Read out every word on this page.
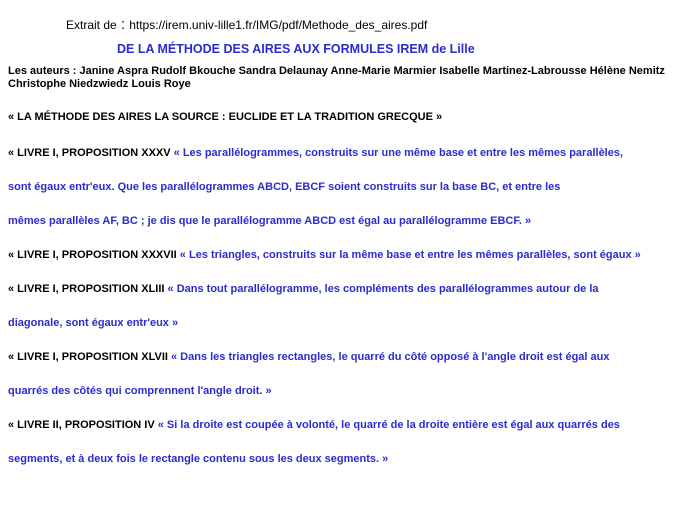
Extrait de : https://irem.univ-lille1.fr/IMG/pdf/Methode_des_aires.pdf
DE LA MÉTHODE DES AIRES AUX FORMULES IREM de Lille
Les auteurs : Janine Aspra Rudolf Bkouche Sandra Delaunay Anne-Marie Marmier Isabelle Martinez-Labrousse Hélène Nemitz Christophe Niedzwiedz Louis Roye
« LA MÉTHODE DES AIRES LA SOURCE : EUCLIDE ET LA TRADITION GRECQUE »
« LIVRE I, PROPOSITION XXXV « Les parallélogrammes, construits sur une même base et entre les mêmes parallèles,
sont égaux entr'eux. Que les parallélogrammes ABCD, EBCF soient construits sur la base BC, et entre les
mêmes parallèles AF, BC ; je dis que le parallélogramme ABCD est égal au parallélogramme EBCF. »
« LIVRE I, PROPOSITION XXXVII « Les triangles, construits sur la même base et entre les mêmes parallèles, sont égaux »
« LIVRE I, PROPOSITION XLIII « Dans tout parallélogramme, les compléments des parallélogrammes autour de la
diagonale, sont égaux entr'eux »
« LIVRE I, PROPOSITION XLVII « Dans les triangles rectangles, le quarré du côté opposé à l'angle droit est égal aux
quarrés des côtés qui comprennent l'angle droit. »
« LIVRE II, PROPOSITION IV « Si la droite est coupée à volonté, le quarré de la droite entière est égal aux quarrés des
segments, et à deux fois le rectangle contenu sous les deux segments. »
